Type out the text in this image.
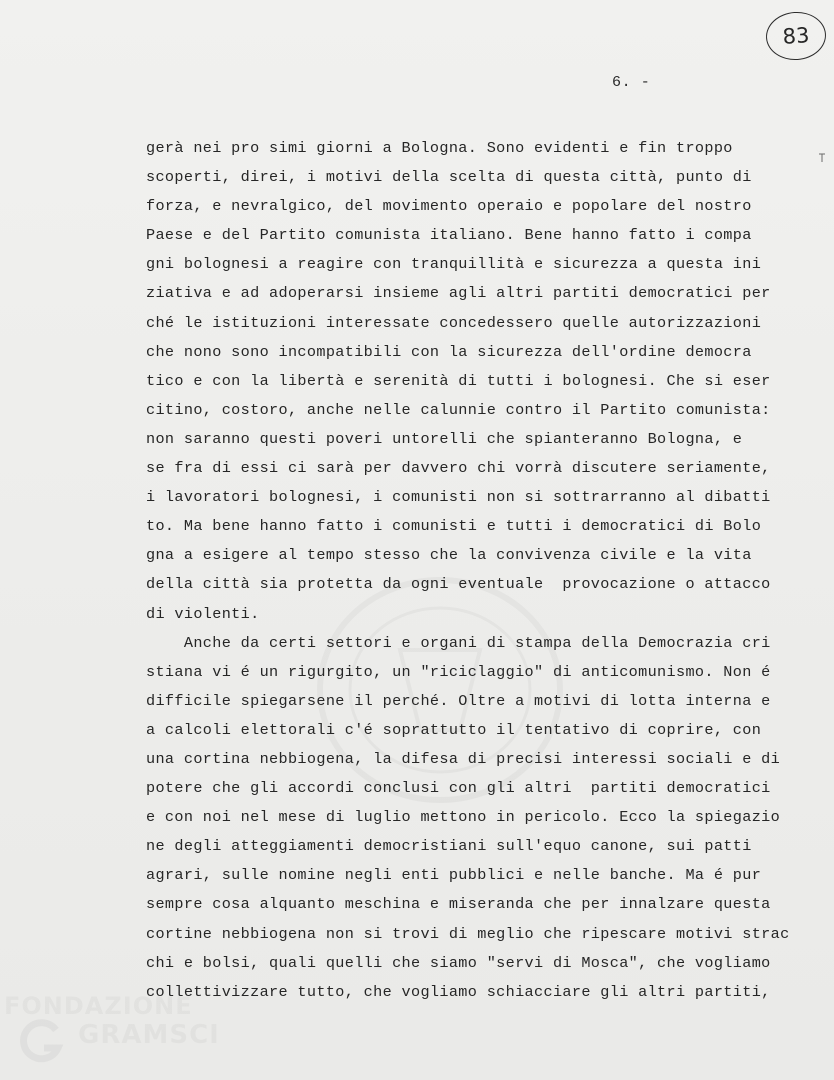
83
6. -
gerà nei pro simi giorni a Bologna. Sono evidenti e fin troppo
scoperti, direi, i motivi della scelta di questa città, punto di
forza, e nevralgico, del movimento operaio e popolare del nostro
Paese e del Partito comunista italiano. Bene hanno fatto i compa
gni bolognesi a reagire con tranquillità e sicurezza a questa ini
ziativa e ad adoperarsi insieme agli altri partiti democratici per
ché le istituzioni interessate concedessero quelle autorizzazioni
che nono sono incompatibili con la sicurezza dell'ordine democra
tico e con la libertà e serenità di tutti i bolognesi. Che si eser
citino, costoro, anche nelle calunnie contro il Partito comunista:
non saranno questi poveri untorelli che spianteranno Bologna, e
se fra di essi ci sarà per davvero chi vorrà discutere seriamente,
i lavoratori bolognesi, i comunisti non si sottrarranno al dibatti
to. Ma bene hanno fatto i comunisti e tutti i democratici di Bolo
gna a esigere al tempo stesso che la convivenza civile e la vita
della città sia protetta da ogni eventuale  provocazione o attacco
di violenti.
Anche da certi settori e organi di stampa della Democrazia cri
stiana vi é un rigurgito, un "riciclaggio" di anticomunismo. Non é
difficile spiegarsene il perché. Oltre a motivi di lotta interna e
a calcoli elettorali c'é soprattutto il tentativo di coprire, con
una cortina nebbiogena, la difesa di precisi interessi sociali e di
potere che gli accordi conclusi con gli altri  partiti democratici
e con noi nel mese di luglio mettono in pericolo. Ecco la spiegazio
ne degli atteggiamenti democristiani sull'equo canone, sui patti
agrari, sulle nomine negli enti pubblici e nelle banche. Ma é pur
sempre cosa alquanto meschina e miseranda che per innalzare questa
cortine nebbiogena non si trovi di meglio che ripescare motivi strac
chi e bolsi, quali quelli che siamo "servi di Mosca", che vogliamo
collettivizzare tutto, che vogliamo schiacciare gli altri partiti,
FONDAZIONE
GRAMSCI
